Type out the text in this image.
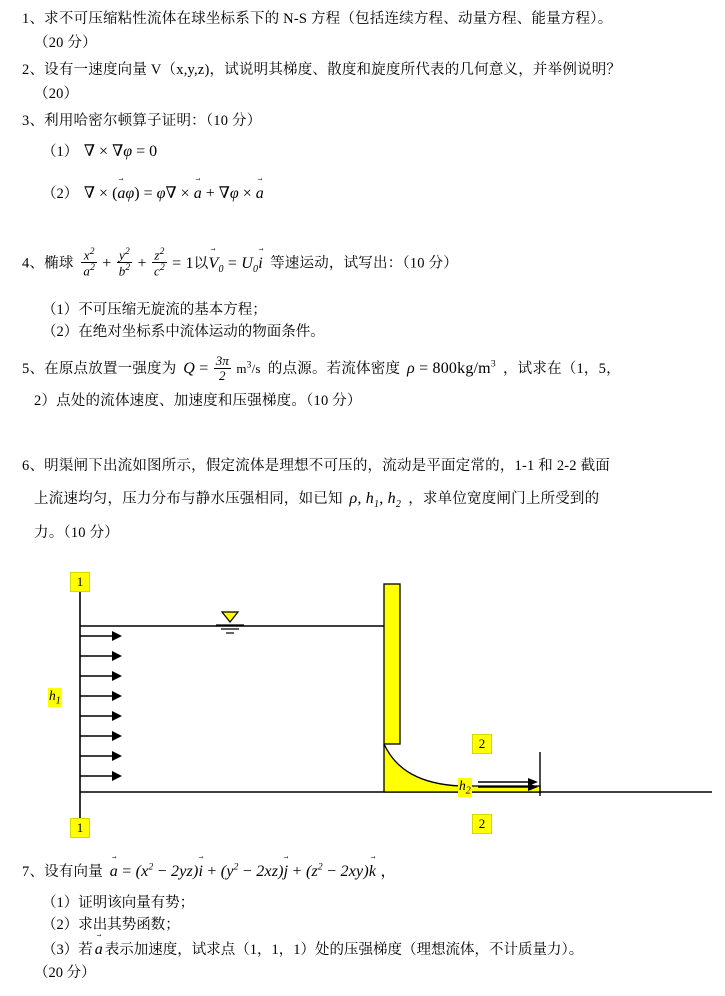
1、求不可压缩粘性流体在球坐标系下的 N-S 方程（包括连续方程、动量方程、能量方程）。
（20 分）
2、设有一速度向量 V（x,y,z)，试说明其梯度、散度和旋度所代表的几何意义，并举例说明？
（20）
3、利用哈密尔顿算子证明：（10 分）
（1） ∇ × ∇φ = 0
（2） ∇ × (a →φ) = φ∇ × a → + ∇φ × a →
4、椭球 $\frac{x^2}{a^2} + \frac{y^2}{b^2} + \frac{z^2}{c^2} = 1$以$V \to_0 = U_0i$ → 等速运动，试写出：（10 分）
（1）不可压缩无旋流的基本方程；
（2）在绝对坐标系中流体运动的物面条件。
5、在原点放置一强度为 $Q = \frac{3\pi}{2} m^3/s$ 的点源。若流体密度 $\rho = 800kg/m^3$ ，试求在（1，5，
2）点处的流体速度、加速度和压强梯度。（10 分）
6、明渠闸下出流如图所示，假定流体是理想不可压的，流动是平面定常的，1-1 和 2-2 截面
上流速均匀，压力分布与静水压强相同，如已知 ρ, $h_1$, $h_2$ ，求单位宽度闸门上所受到的
力。（10 分）
1
1
2
2
$h_1$
$h_2$
7、设有向量 a → = $(x^2 - 2yz)i$ → + $(y^2 - 2xz)j$ → + $(z^2 - 2xy)k$ → ，
（1）证明该向量有势；
（2）求出其势函数；
（3）若 a → 表示加速度，试求点（1，1，1）处的压强梯度（理想流体，不计质量力）。
（20 分）
